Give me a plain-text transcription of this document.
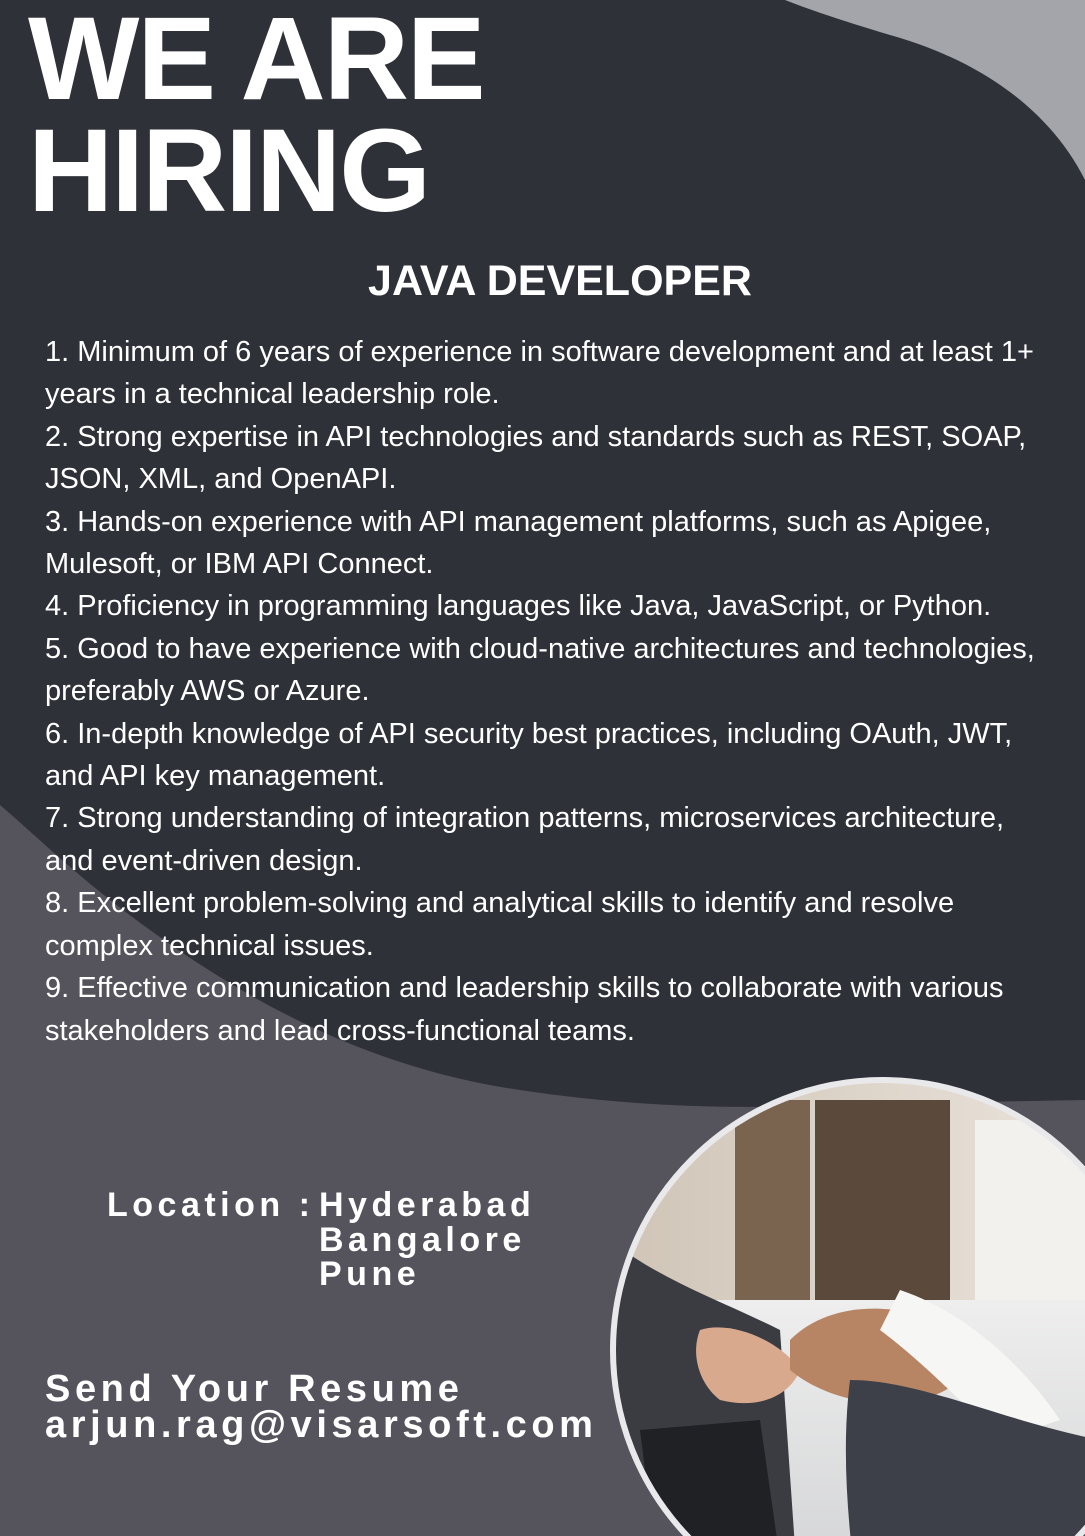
WE ARE
HIRING
JAVA DEVELOPER
1. Minimum of 6 years of experience in software development and at least 1+ years in a technical leadership role.
2. Strong expertise in API technologies and standards such as REST, SOAP, JSON, XML, and OpenAPI.
3. Hands-on experience with API management platforms, such as Apigee, Mulesoft, or IBM API Connect.
4. Proficiency in programming languages like Java, JavaScript, or Python.
5. Good to have experience with cloud-native architectures and technologies, preferably AWS or Azure.
6. In-depth knowledge of API security best practices, including OAuth, JWT, and API key management.
7. Strong understanding of integration patterns, microservices architecture, and event-driven design.
8. Excellent problem-solving and analytical skills to identify and resolve complex technical issues.
9. Effective communication and leadership skills to collaborate with various stakeholders and lead cross-functional teams.
Location : Hyderabad
Bangalore
Pune
Send Your Resume
arjun.rag@visarsoft.com
